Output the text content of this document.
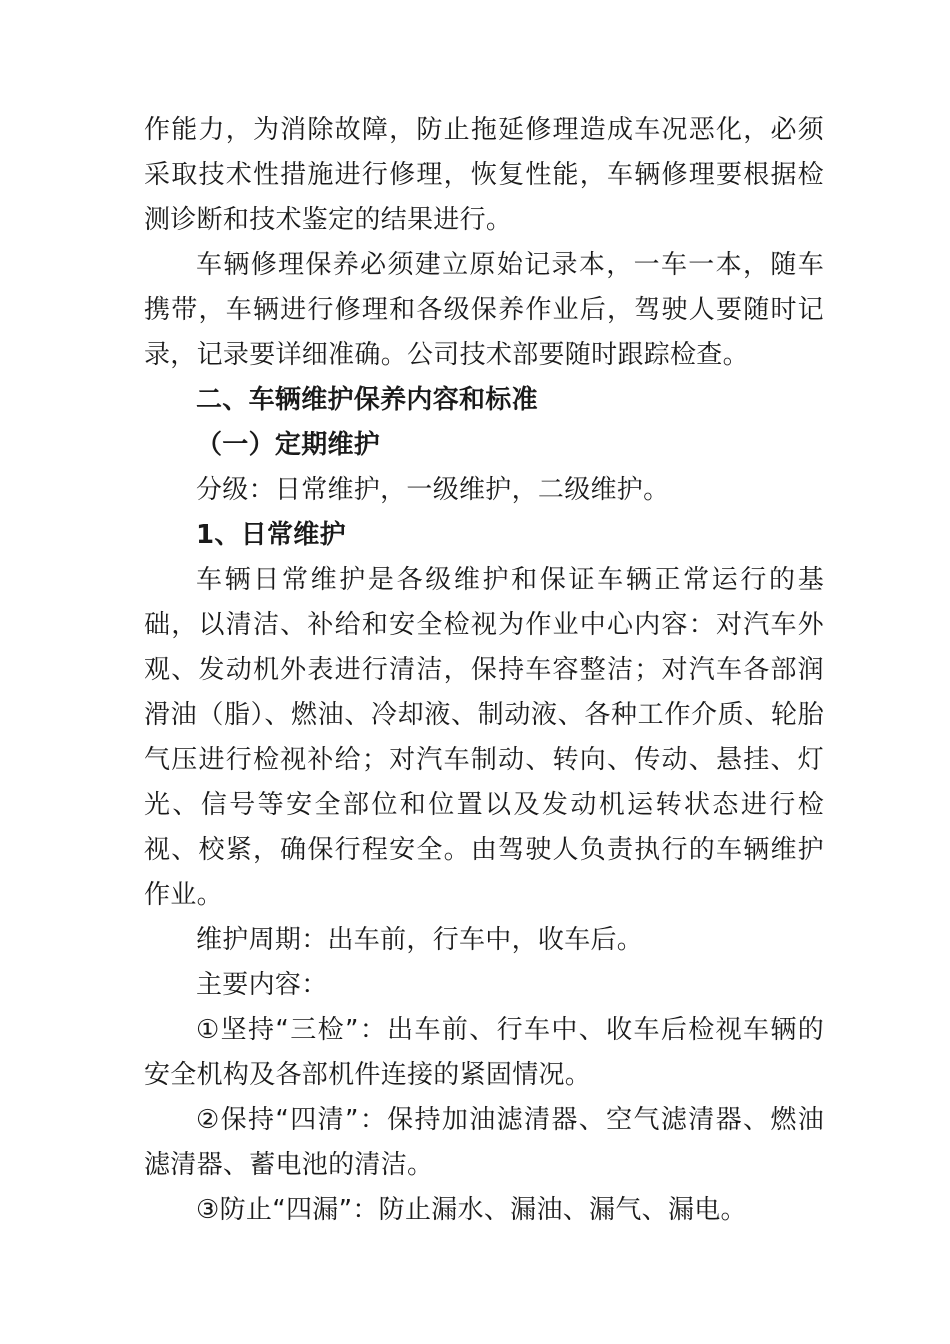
作能力，为消除故障，防止拖延修理造成车况恶化，必须采取技术性措施进行修理，恢复性能，车辆修理要根据检测诊断和技术鉴定的结果进行。

车辆修理保养必须建立原始记录本，一车一本，随车携带，车辆进行修理和各级保养作业后，驾驶人要随时记录，记录要详细准确。公司技术部要随时跟踪检查。

二、车辆维护保养内容和标准

（一）定期维护

分级：日常维护，一级维护，二级维护。

1、日常维护

车辆日常维护是各级维护和保证车辆正常运行的基础，以清洁、补给和安全检视为作业中心内容：对汽车外观、发动机外表进行清洁，保持车容整洁；对汽车各部润滑油（脂）、燃油、冷却液、制动液、各种工作介质、轮胎气压进行检视补给；对汽车制动、转向、传动、悬挂、灯光、信号等安全部位和位置以及发动机运转状态进行检视、校紧，确保行程安全。由驾驶人负责执行的车辆维护作业。

维护周期：出车前，行车中，收车后。

主要内容：

①坚持“三检”：出车前、行车中、收车后检视车辆的安全机构及各部机件连接的紧固情况。

②保持“四清”：保持加油滤清器、空气滤清器、燃油滤清器、蓄电池的清洁。

③防止“四漏”：防止漏水、漏油、漏气、漏电。
